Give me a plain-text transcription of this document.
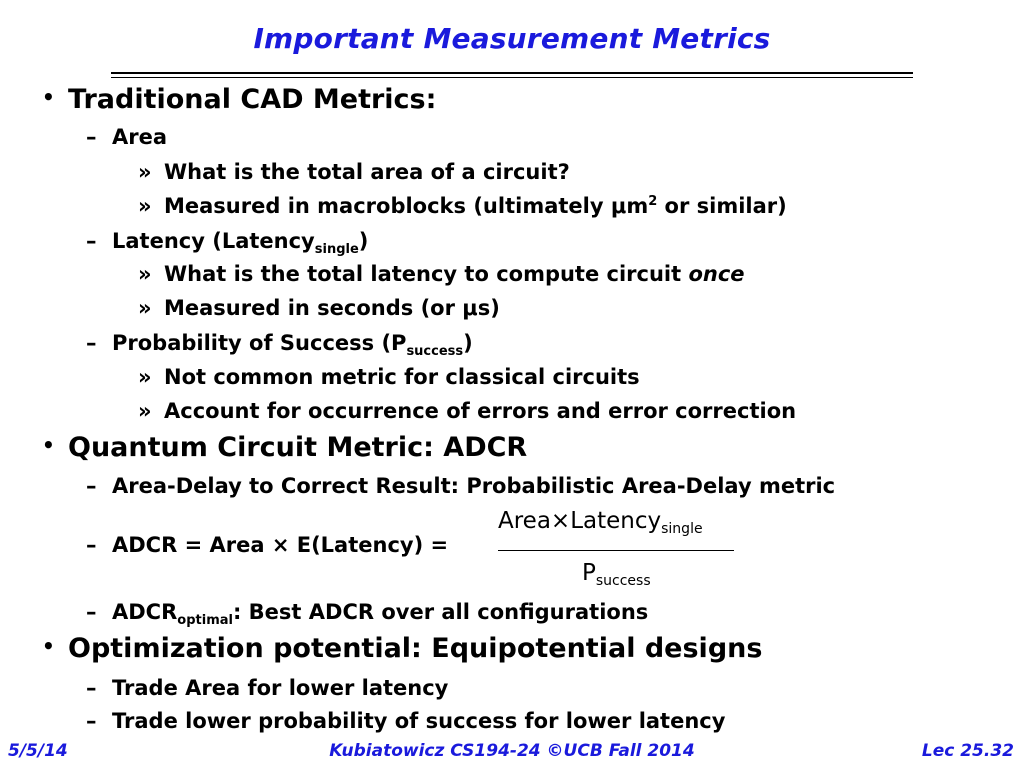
Important Measurement Metrics
• Traditional CAD Metrics:
– Area
» What is the total area of a circuit?
» Measured in macroblocks (ultimately $\mu m^2$ or similar)
– Latency (Latency$_{single}$)
» What is the total latency to compute circuit once
» Measured in seconds (or μs)
– Probability of Success $(P_{success})$
» Not common metric for classical circuits
» Account for occurrence of errors and error correction
• Quantum Circuit Metric: ADCR
– Area-Delay to Correct Result: Probabilistic Area-Delay metric
– ADCR = Area × E(Latency) =
Area×Latency$_{single}$
$P_{success}$
– $ADCR_{optimal}$: Best ADCR over all configurations
• Optimization potential: Equipotential designs
– Trade Area for lower latency
– Trade lower probability of success for lower latency
5/5/14	Kubiatowicz CS194-24 ©UCB Fall 2014	Lec 25.32
